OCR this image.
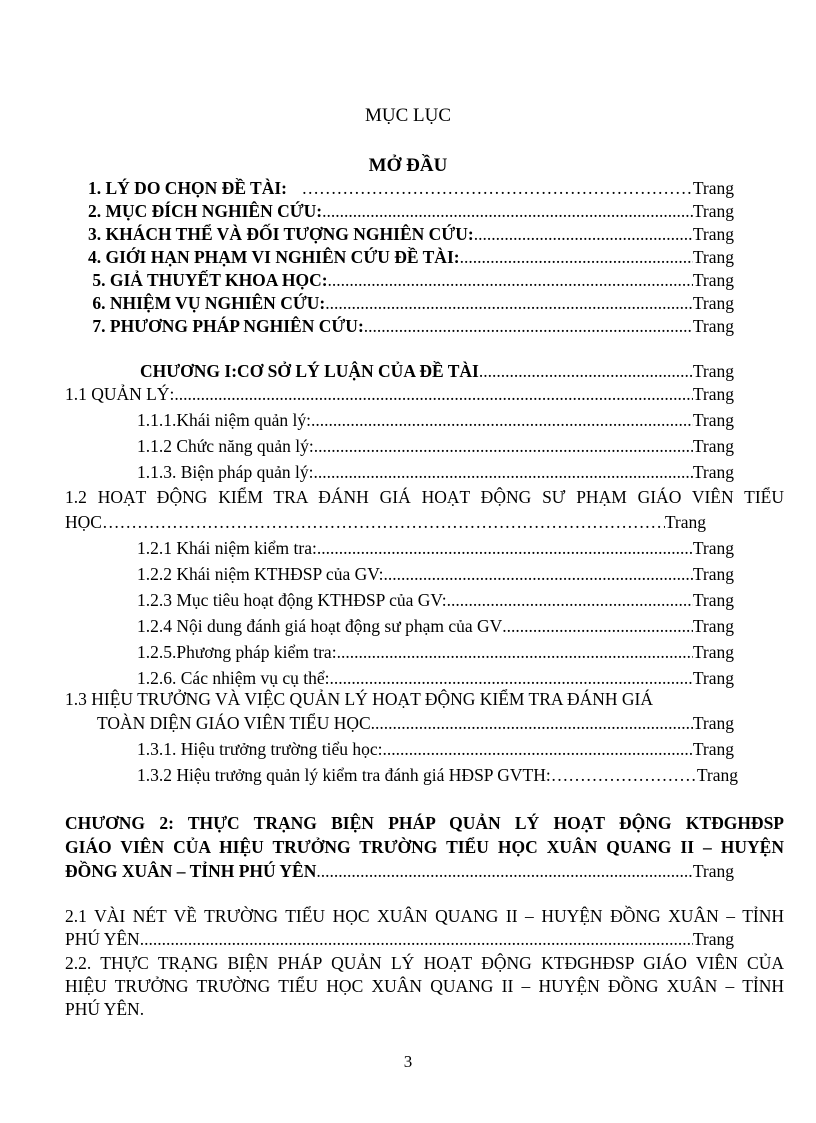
MỤC LỤC
MỞ ĐẦU
1. LÝ DO CHỌN ĐỀ TÀI: ……………………………………………………………………………………………………………………………………………………………………	Trang
2. MỤC ĐÍCH NGHIÊN CỨU: .....	Trang
3. KHÁCH THỂ VÀ ĐỐI TƯỢNG NGHIÊN CỨU: .....	Trang
4. GIỚI HẠN PHẠM VI NGHIÊN CỨU ĐỀ TÀI: .....	Trang
5. GIẢ THUYẾT KHOA HỌC: .....	Trang
6. NHIỆM VỤ NGHIÊN CỨU: .....	Trang
7. PHƯƠNG PHÁP NGHIÊN CỨU: .....	Trang
CHƯƠNG I:CƠ SỞ LÝ LUẬN CỦA ĐỀ TÀI .....	Trang
1.1 QUẢN LÝ: .....	Trang
1.1.1.Khái niệm quản lý: .....	Trang
1.1.2 Chức năng quản lý: .....	Trang
1.1.3. Biện pháp quản lý: .....	Trang
1.2 HOẠT ĐỘNG KIỂM TRA ĐÁNH GIÁ HOẠT ĐỘNG SƯ PHẠM GIÁO VIÊN TIỂU
HỌC ……………………………………………………………………………………………………………………………………………………………………	Trang
1.2.1 Khái niệm kiểm tra: .....	Trang
1.2.2 Khái niệm KTHĐSP của GV: .....	Trang
1.2.3 Mục tiêu hoạt động KTHĐSP của GV: .....	Trang
1.2.4 Nội dung đánh giá hoạt động sư phạm của GV .....	Trang
1.2.5.Phương pháp kiểm tra: .....	Trang
1.2.6. Các nhiệm vụ cụ thể: .....	Trang
1.3 HIỆU TRƯỞNG VÀ VIỆC QUẢN LÝ HOẠT ĐỘNG KIỂM TRA ĐÁNH GIÁ
TOÀN DIỆN GIÁO VIÊN TIỂU HỌC .....	Trang
1.3.1. Hiệu trưởng trường tiểu học: .....	Trang
1.3.2 Hiệu trưởng quản lý kiểm tra đánh giá HĐSP GVTH: ……………………………………………………………………………………………………………………………………………………………………	Trang
CHƯƠNG 2: THỰC TRẠNG BIỆN PHÁP QUẢN LÝ HOẠT ĐỘNG KTĐGHĐSP
GIÁO VIÊN CỦA HIỆU TRƯỞNG TRƯỜNG TIỂU HỌC XUÂN QUANG II – HUYỆN
ĐỒNG XUÂN – TỈNH PHÚ YÊN .....	Trang
2.1 VÀI NÉT VỀ TRƯỜNG TIỂU HỌC XUÂN QUANG II – HUYỆN ĐỒNG XUÂN – TỈNH
PHÚ YÊN. .....	Trang
2.2. THỰC TRẠNG BIỆN PHÁP QUẢN LÝ HOẠT ĐỘNG KTĐGHĐSP GIÁO VIÊN CỦA
HIỆU TRƯỞNG TRƯỜNG TIỂU HỌC XUÂN QUANG II – HUYỆN ĐỒNG XUÂN – TỈNH
PHÚ YÊN.
3
